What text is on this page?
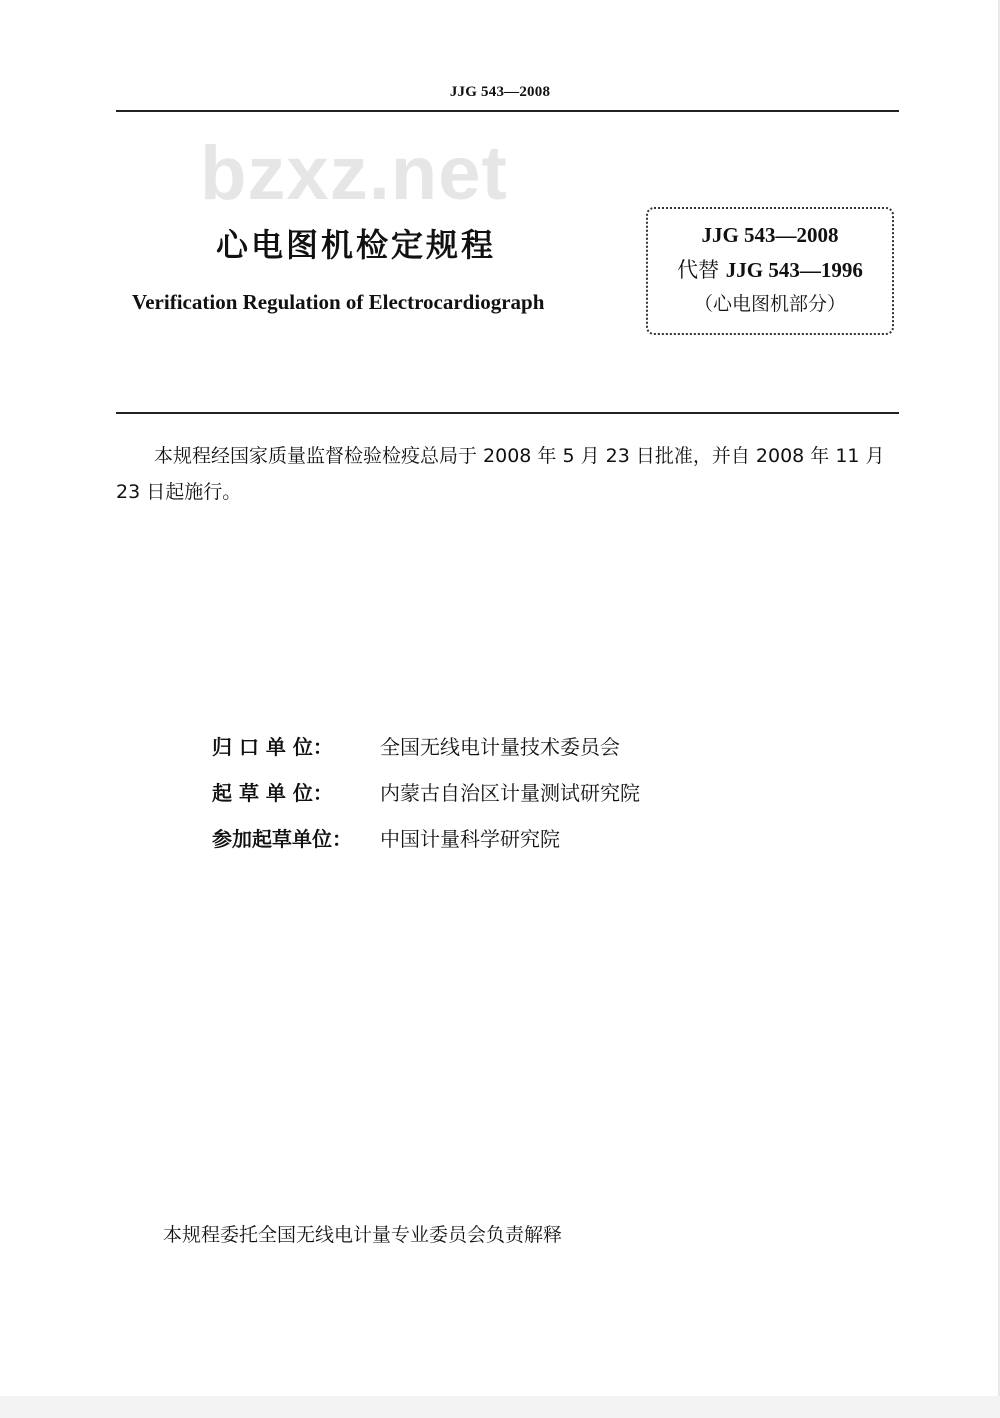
JJG 543—2008
bzxz.net
心电图机检定规程
Verification Regulation of Electrocardiograph
JJG 543—2008
代替 JJG 543—1996
（心电图机部分）
本规程经国家质量监督检验检疫总局于 2008 年 5 月 23 日批准，并自 2008 年 11 月 23 日起施行。
归 口 单 位：	全国无线电计量技术委员会
起 草 单 位：	内蒙古自治区计量测试研究院
参加起草单位：	中国计量科学研究院
本规程委托全国无线电计量专业委员会负责解释
